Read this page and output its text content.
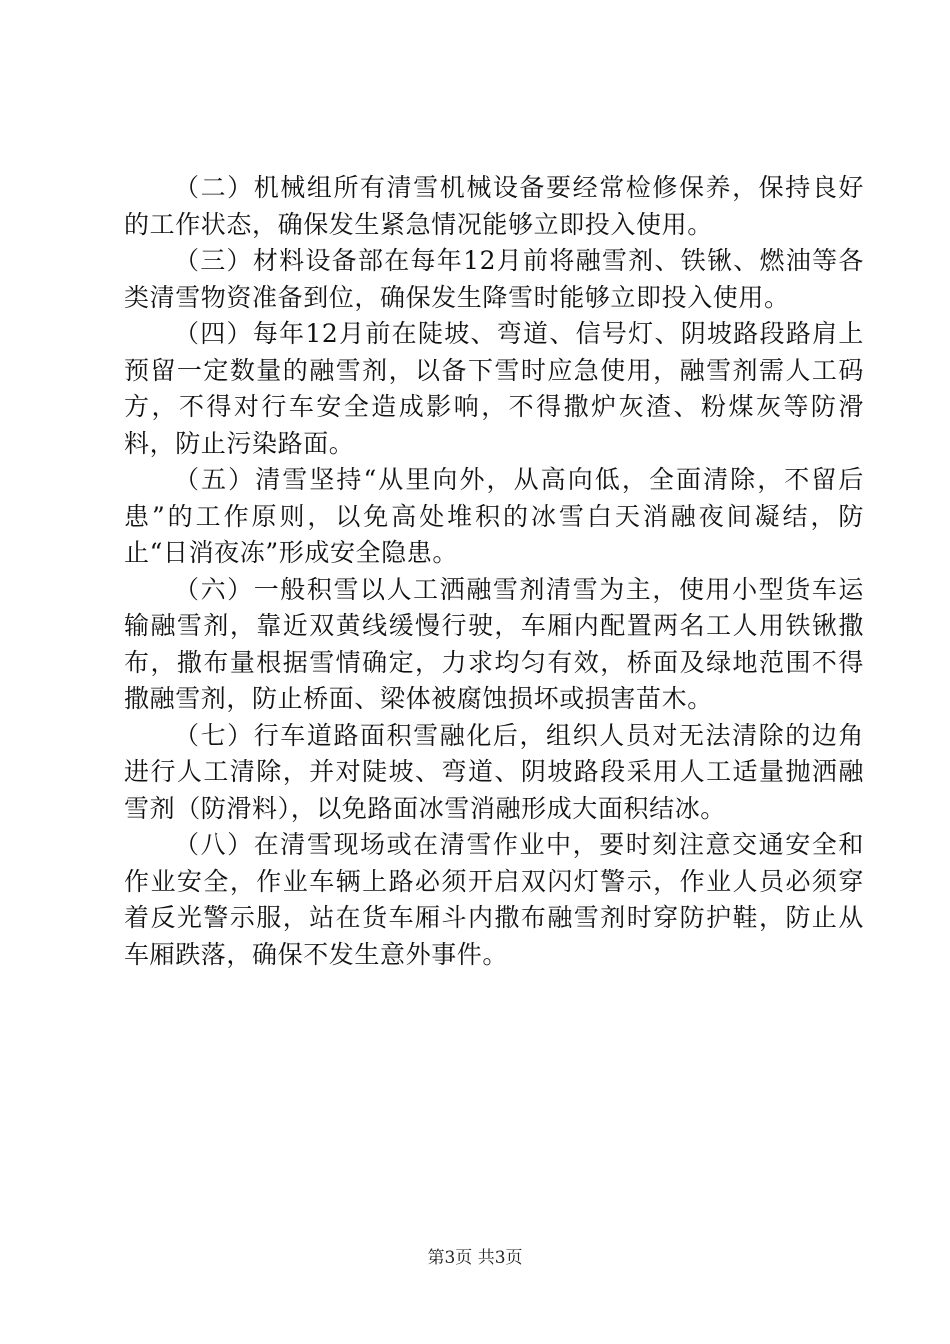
（二）机械组所有清雪机械设备要经常检修保养，保持良好的工作状态，确保发生紧急情况能够立即投入使用。

（三）材料设备部在每年12月前将融雪剂、铁锹、燃油等各类清雪物资准备到位，确保发生降雪时能够立即投入使用。

（四）每年12月前在陡坡、弯道、信号灯、阴坡路段路肩上预留一定数量的融雪剂，以备下雪时应急使用，融雪剂需人工码方，不得对行车安全造成影响，不得撒炉灰渣、粉煤灰等防滑料，防止污染路面。

（五）清雪坚持“从里向外，从高向低，全面清除，不留后患”的工作原则，以免高处堆积的冰雪白天消融夜间凝结，防止“日消夜冻”形成安全隐患。

（六）一般积雪以人工洒融雪剂清雪为主，使用小型货车运输融雪剂，靠近双黄线缓慢行驶，车厢内配置两名工人用铁锹撒布，撒布量根据雪情确定，力求均匀有效，桥面及绿地范围不得撒融雪剂，防止桥面、梁体被腐蚀损坏或损害苗木。

（七）行车道路面积雪融化后，组织人员对无法清除的边角进行人工清除，并对陡坡、弯道、阴坡路段采用人工适量抛洒融雪剂（防滑料），以免路面冰雪消融形成大面积结冰。

（八）在清雪现场或在清雪作业中，要时刻注意交通安全和作业安全，作业车辆上路必须开启双闪灯警示，作业人员必须穿着反光警示服，站在货车厢斗内撒布融雪剂时穿防护鞋，防止从车厢跌落，确保不发生意外事件。

第3页 共3页
